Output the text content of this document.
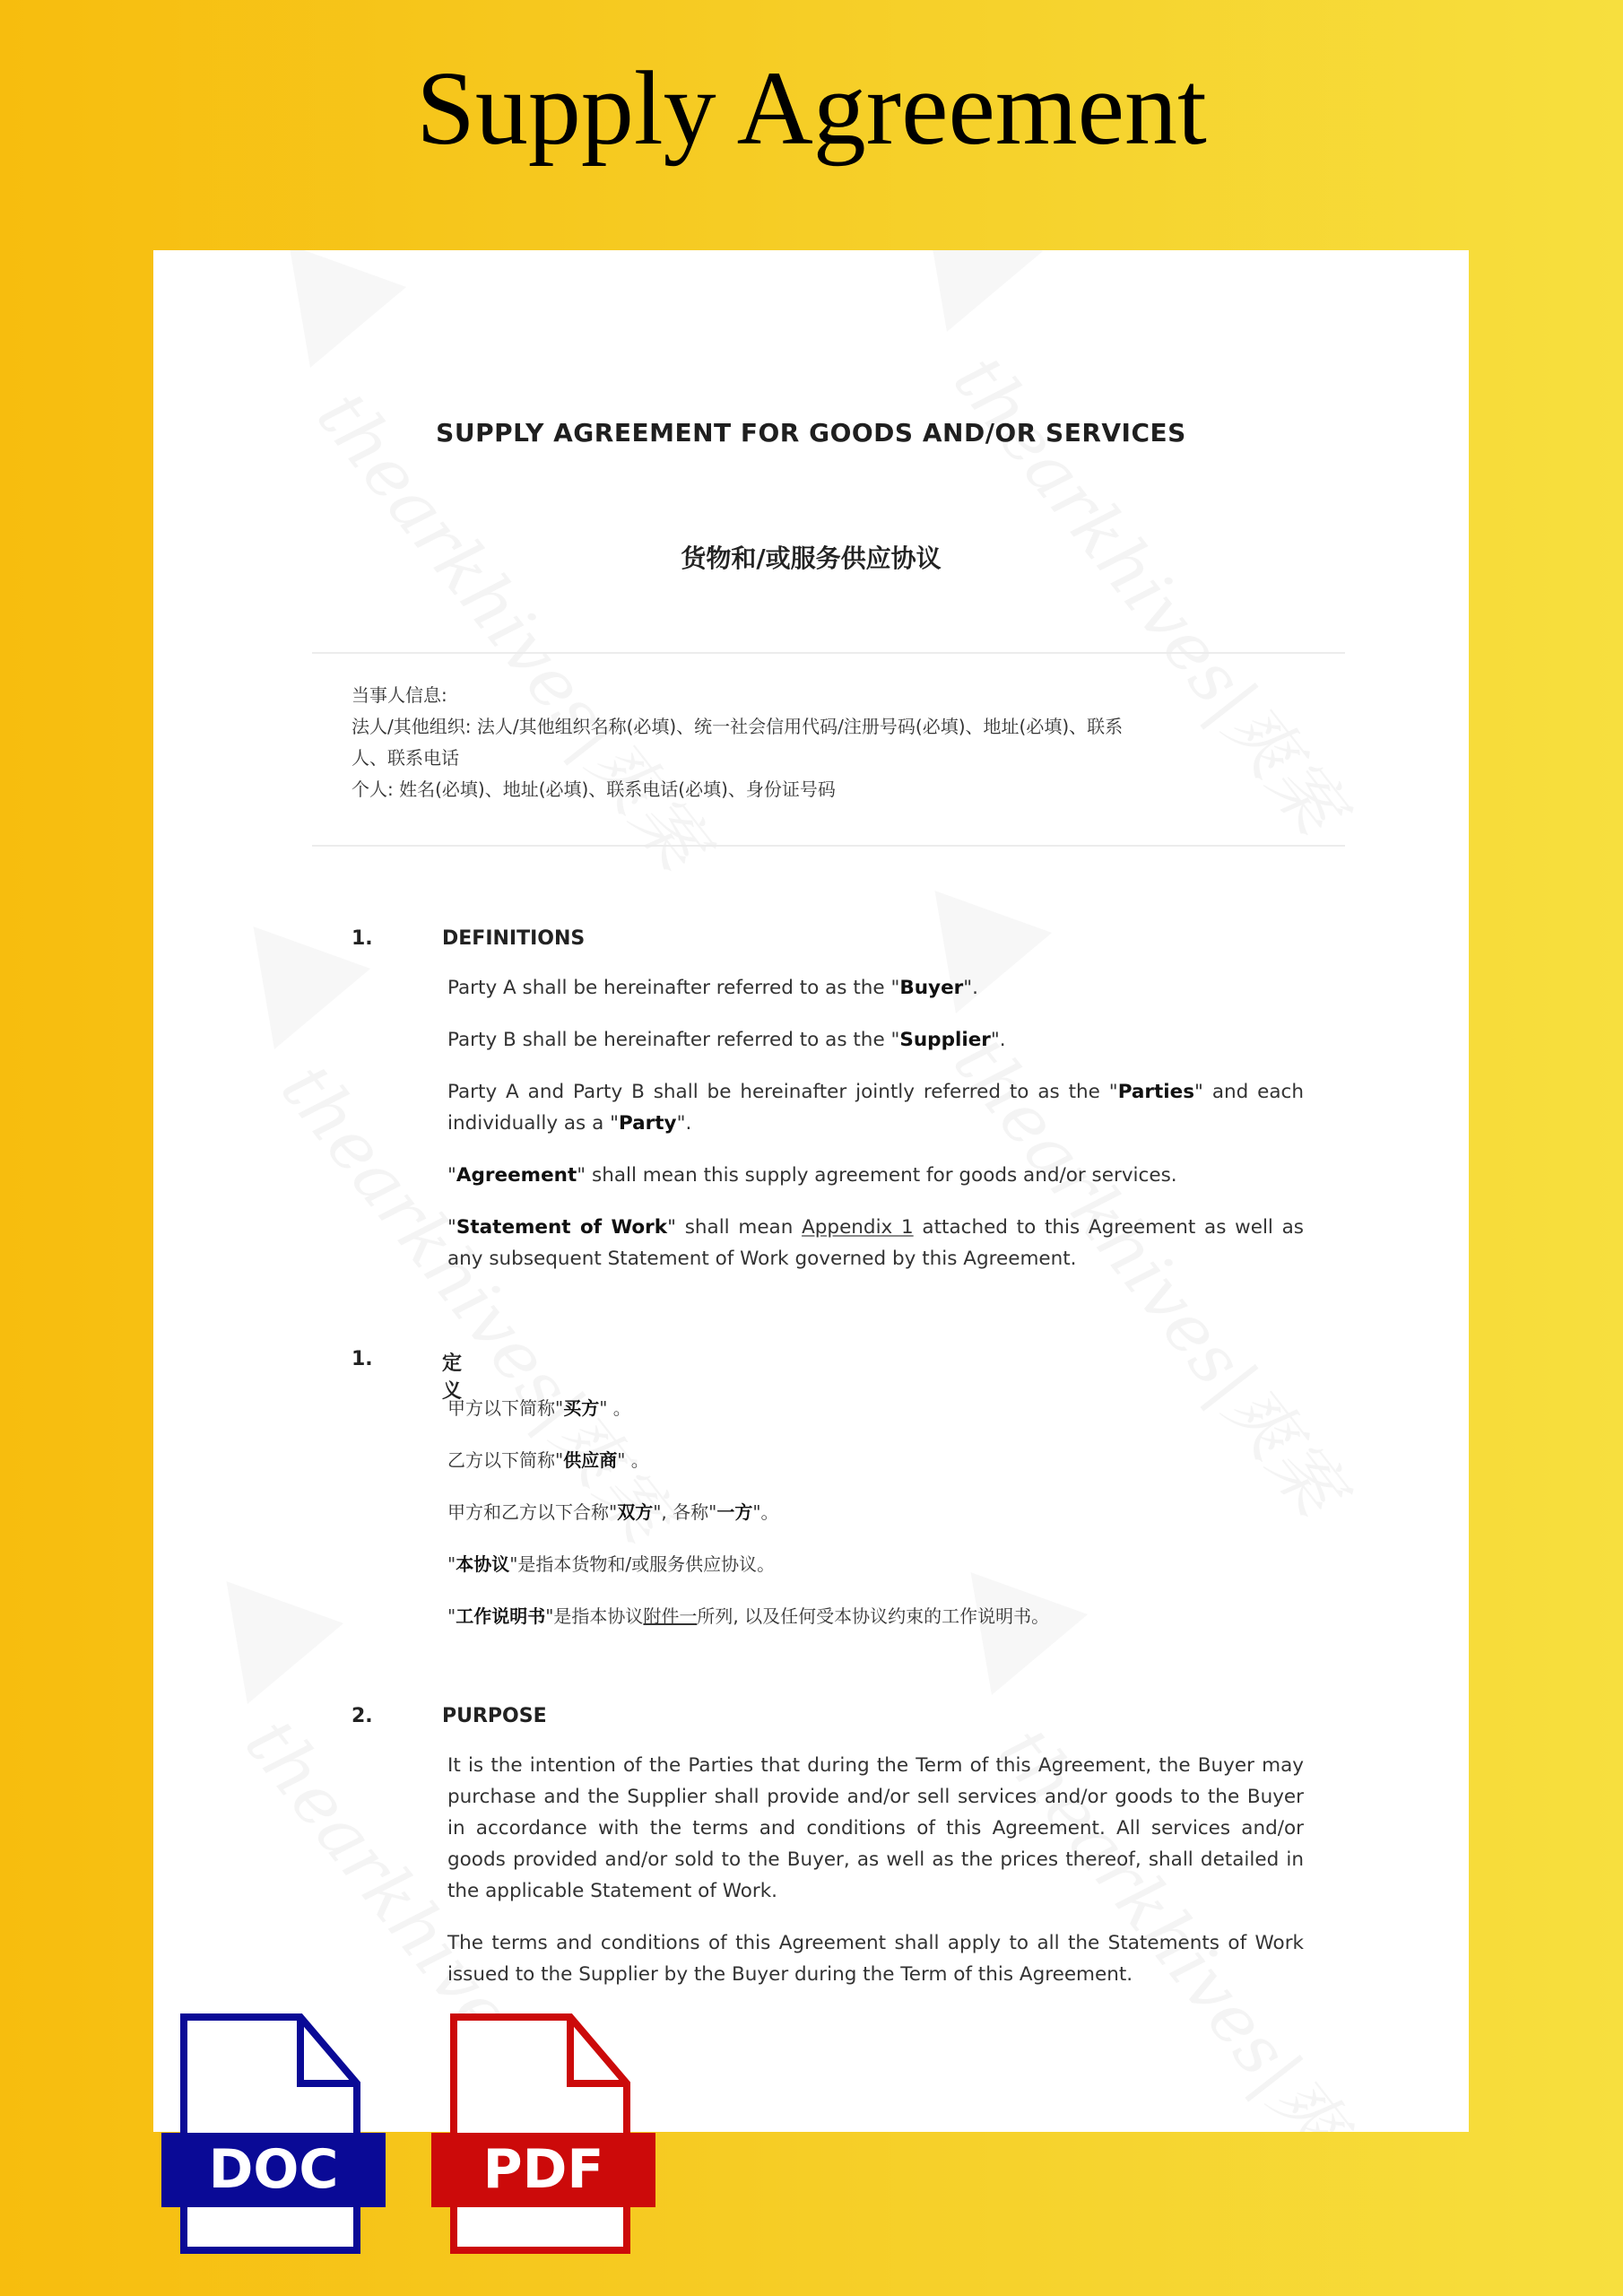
Supply Agreement
SUPPLY AGREEMENT FOR GOODS AND/OR SERVICES
货物和/或服务供应协议
当事人信息:
法人/其他组织: 法人/其他组织名称(必填)、统一社会信用代码/注册号码(必填)、地址(必填)、联系
人、联系电话
个人: 姓名(必填)、地址(必填)、联系电话(必填)、身份证号码
1.	DEFINITIONS
Party A shall be hereinafter referred to as the "Buyer".
Party B shall be hereinafter referred to as the "Supplier".
Party A and Party B shall be hereinafter jointly referred to as the "Parties" and each individually as a "Party".
"Agreement" shall mean this supply agreement for goods and/or services.
"Statement of Work" shall mean Appendix 1 attached to this Agreement as well as any subsequent Statement of Work governed by this Agreement.
1.	定义
甲方以下简称"买方" 。
乙方以下简称"供应商" 。
甲方和乙方以下合称"双方", 各称"一方"。
"本协议"是指本货物和/或服务供应协议。
"工作说明书"是指本协议附件一所列, 以及任何受本协议约束的工作说明书。
2.	PURPOSE
It is the intention of the Parties that during the Term of this Agreement, the Buyer may purchase and the Supplier shall provide and/or sell services and/or goods to the Buyer in accordance with the terms and conditions of this Agreement. All services and/or goods provided and/or sold to the Buyer, as well as the prices thereof, shall detailed in the applicable Statement of Work.
The terms and conditions of this Agreement shall apply to all the Statements of Work issued to the Supplier by the Buyer during the Term of this Agreement.
DOC	PDF
